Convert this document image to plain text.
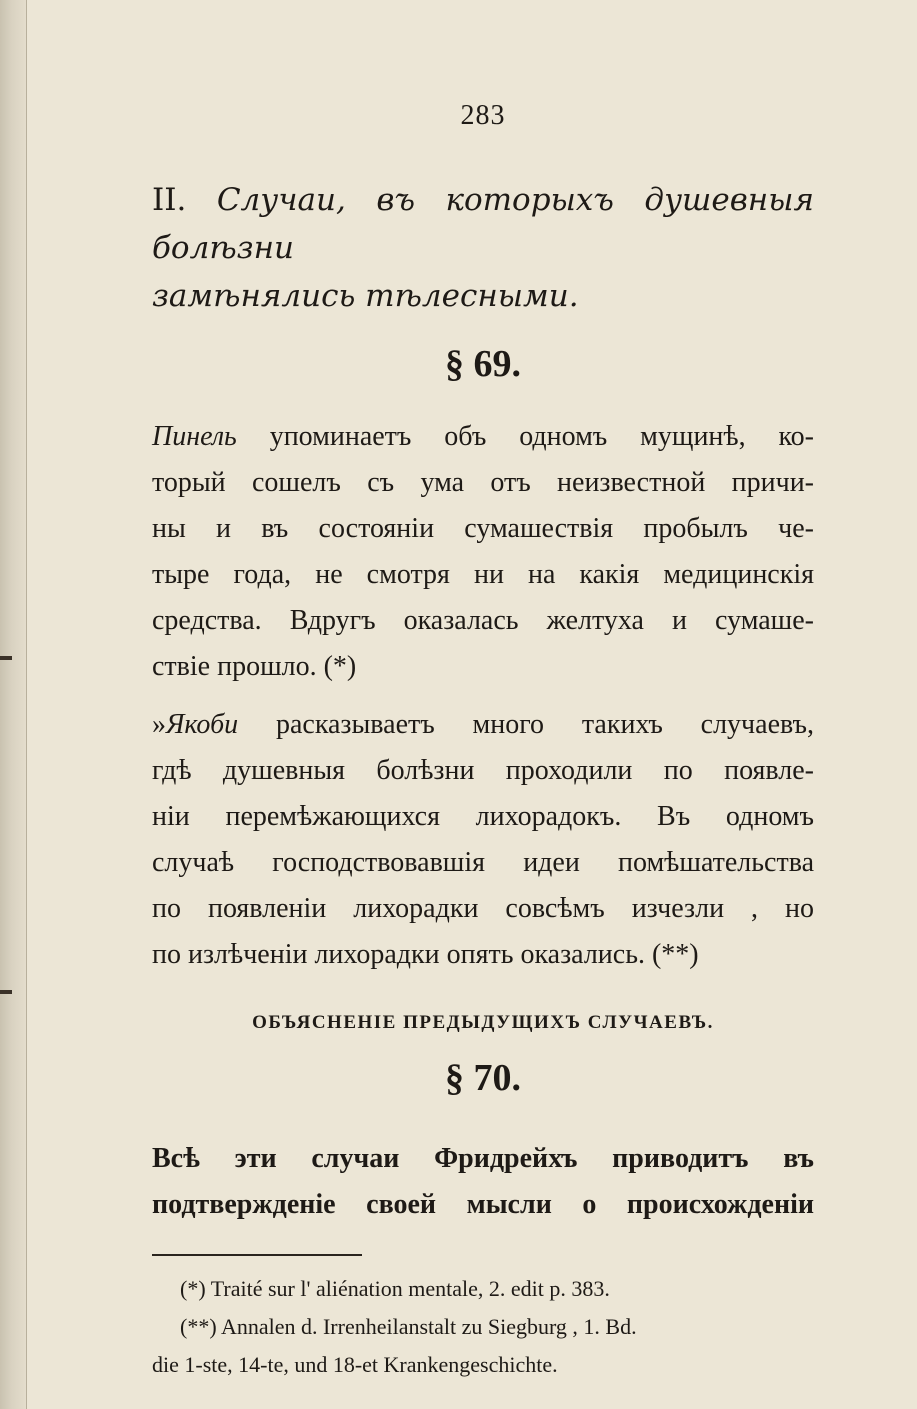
283
II. Случаи, въ которыхъ душевныя болѣзни
замѣнялись тѣлесными.
§ 69.

Пинель упоминаетъ объ одномъ мущинѣ, ко-
торый сошелъ съ ума отъ неизвестной причи-
ны и въ состояніи сумашествія пробылъ че-
тыре года, не смотря ни на какія медицинскія
средства. Вдругъ оказалась желтуха и сумаше-
ствіе прошло. (*)

»Якоби расказываетъ много такихъ случаевъ,
гдѣ душевныя болѣзни проходили по появле-
ніи перемѣжающихся лихорадокъ. Въ одномъ
случаѣ господствовавшія идеи помѣшательства
по появленіи лихорадки совсѣмъ изчезли , но
по излѣченіи лихорадки опять оказались. (**)

ОБЪЯСНЕНІЕ ПРЕДЫДУЩИХЪ СЛУЧАЕВЪ.
§ 70.

Всѣ эти случаи Фридрейхъ приводитъ въ
подтвержденіе своей мысли о происхожденіи

(*) Traité sur l' aliénation mentale, 2. edit p. 383.
(**) Annalen d. Irrenheilanstalt zu Siegburg , 1. Bd.
die 1-ste, 14-te, und 18-et Krankengeschichte.
